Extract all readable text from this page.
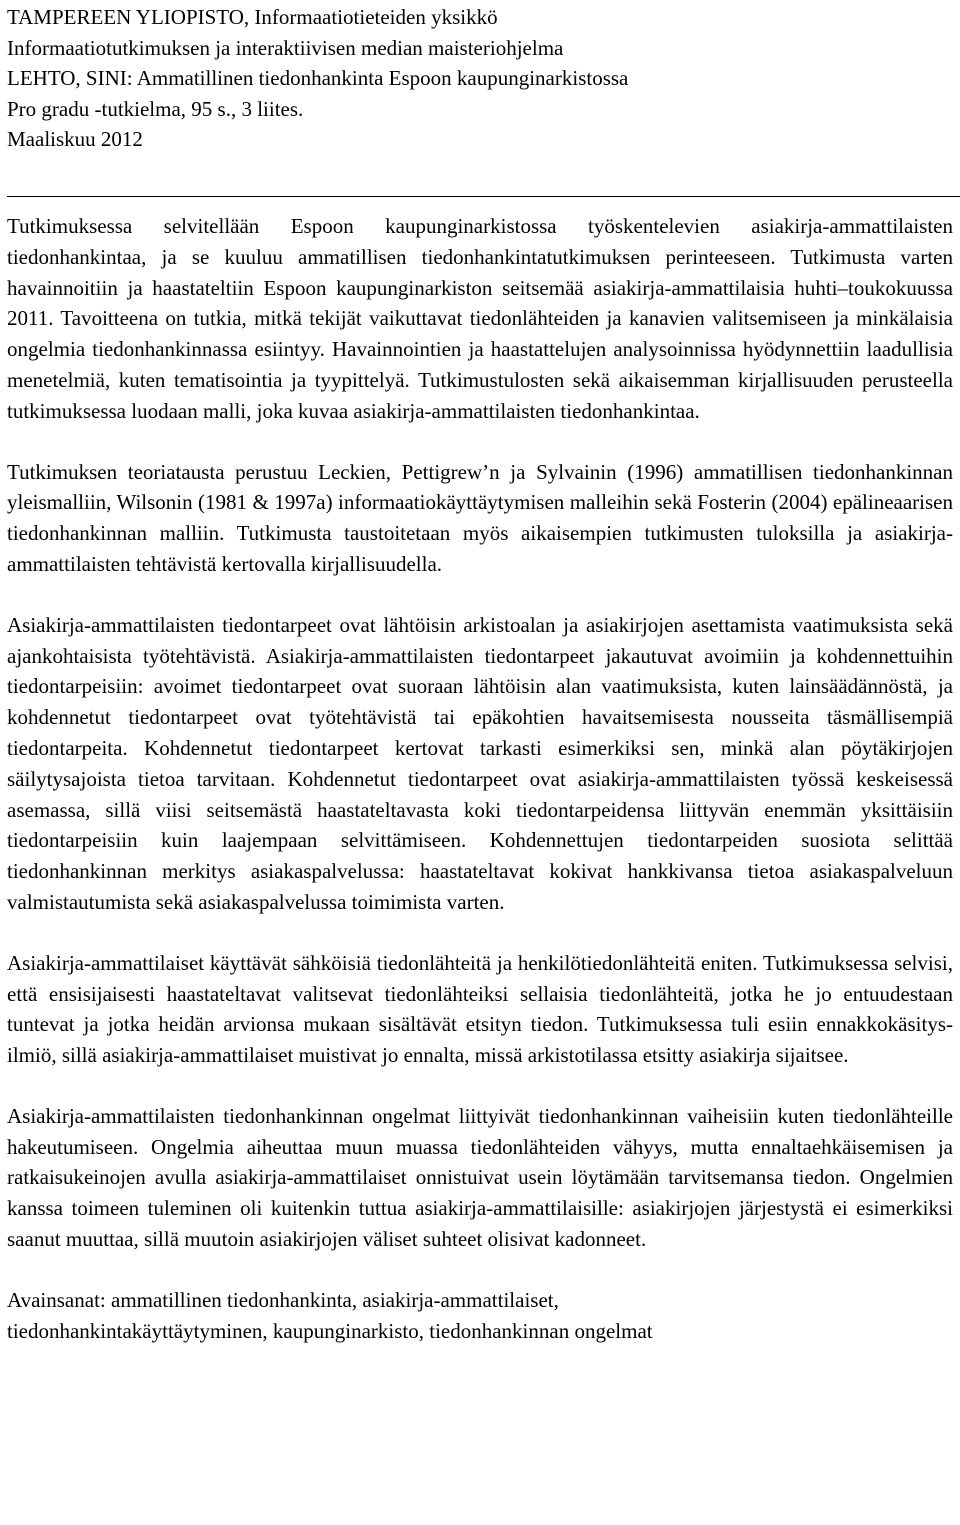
TAMPEREEN YLIOPISTO, Informaatiotieteiden yksikkö
Informaatiotutkimuksen ja interaktiivisen median maisteriohjelma
LEHTO, SINI: Ammatillinen tiedonhankinta Espoon kaupunginarkistossa
Pro gradu -tutkielma, 95 s., 3 liites.
Maaliskuu 2012

Tutkimuksessa selvitellään Espoon kaupunginarkistossa työskentelevien asiakirja-ammattilaisten tiedonhankintaa, ja se kuuluu ammatillisen tiedonhankintatutkimuksen perinteeseen. Tutkimusta varten havainnoitiin ja haastateltiin Espoon kaupunginarkiston seitsemää asiakirja-ammattilaisia huhti–toukokuussa 2011. Tavoitteena on tutkia, mitkä tekijät vaikuttavat tiedonlähteiden ja kanavien valitsemiseen ja minkälaisia ongelmia tiedonhankinnassa esiintyy. Havainnointien ja haastattelujen analysoinnissa hyödynnettiin laadullisia menetelmiä, kuten tematisointia ja tyypittelyä. Tutkimustulosten sekä aikaisemman kirjallisuuden perusteella tutkimuksessa luodaan malli, joka kuvaa asiakirja-ammattilaisten tiedonhankintaa.

Tutkimuksen teoriatausta perustuu Leckien, Pettigrew’n ja Sylvainin (1996) ammatillisen tiedonhankinnan yleismalliin, Wilsonin (1981 & 1997a) informaatiokäyttäytymisen malleihin sekä Fosterin (2004) epälineaarisen tiedonhankinnan malliin. Tutkimusta taustoitetaan myös aikaisempien tutkimusten tuloksilla ja asiakirja-ammattilaisten tehtävistä kertovalla kirjallisuudella.

Asiakirja-ammattilaisten tiedontarpeet ovat lähtöisin arkistoalan ja asiakirjojen asettamista vaatimuksista sekä ajankohtaisista työtehtävistä. Asiakirja-ammattilaisten tiedontarpeet jakautuvat avoimiin ja kohdennettuihin tiedontarpeisiin: avoimet tiedontarpeet ovat suoraan lähtöisin alan vaatimuksista, kuten lainsäädännöstä, ja kohdennetut tiedontarpeet ovat työtehtävistä tai epäkohtien havaitsemisesta nousseita täsmällisempiä tiedontarpeita. Kohdennetut tiedontarpeet kertovat tarkasti esimerkiksi sen, minkä alan pöytäkirjojen säilytysajoista tietoa tarvitaan. Kohdennetut tiedontarpeet ovat asiakirja-ammattilaisten työssä keskeisessä asemassa, sillä viisi seitsemästä haastateltavasta koki tiedontarpeidensa liittyvän enemmän yksittäisiin tiedontarpeisiin kuin laajempaan selvittämiseen. Kohdennettujen tiedontarpeiden suosiota selittää tiedonhankinnan merkitys asiakaspalvelussa: haastateltavat kokivat hankkivansa tietoa asiakaspalveluun valmistautumista sekä asiakaspalvelussa toimimista varten.

Asiakirja-ammattilaiset käyttävät sähköisiä tiedonlähteitä ja henkilötiedonlähteitä eniten. Tutkimuksessa selvisi, että ensisijaisesti haastateltavat valitsevat tiedonlähteiksi sellaisia tiedonlähteitä, jotka he jo entuudestaan tuntevat ja jotka heidän arvionsa mukaan sisältävät etsityn tiedon. Tutkimuksessa tuli esiin ennakkokäsitys-ilmiö, sillä asiakirja-ammattilaiset muistivat jo ennalta, missä arkistotilassa etsitty asiakirja sijaitsee.

Asiakirja-ammattilaisten tiedonhankinnan ongelmat liittyivät tiedonhankinnan vaiheisiin kuten tiedonlähteille hakeutumiseen. Ongelmia aiheuttaa muun muassa tiedonlähteiden vähyys, mutta ennaltaehkäisemisen ja ratkaisukeinojen avulla asiakirja-ammattilaiset onnistuivat usein löytämään tarvitsemansa tiedon. Ongelmien kanssa toimeen tuleminen oli kuitenkin tuttua asiakirja-ammattilaisille: asiakirjojen järjestystä ei esimerkiksi saanut muuttaa, sillä muutoin asiakirjojen väliset suhteet olisivat kadonneet.

Avainsanat: ammatillinen tiedonhankinta, asiakirja-ammattilaiset,
tiedonhankintakäyttäytyminen, kaupunginarkisto, tiedonhankinnan ongelmat
